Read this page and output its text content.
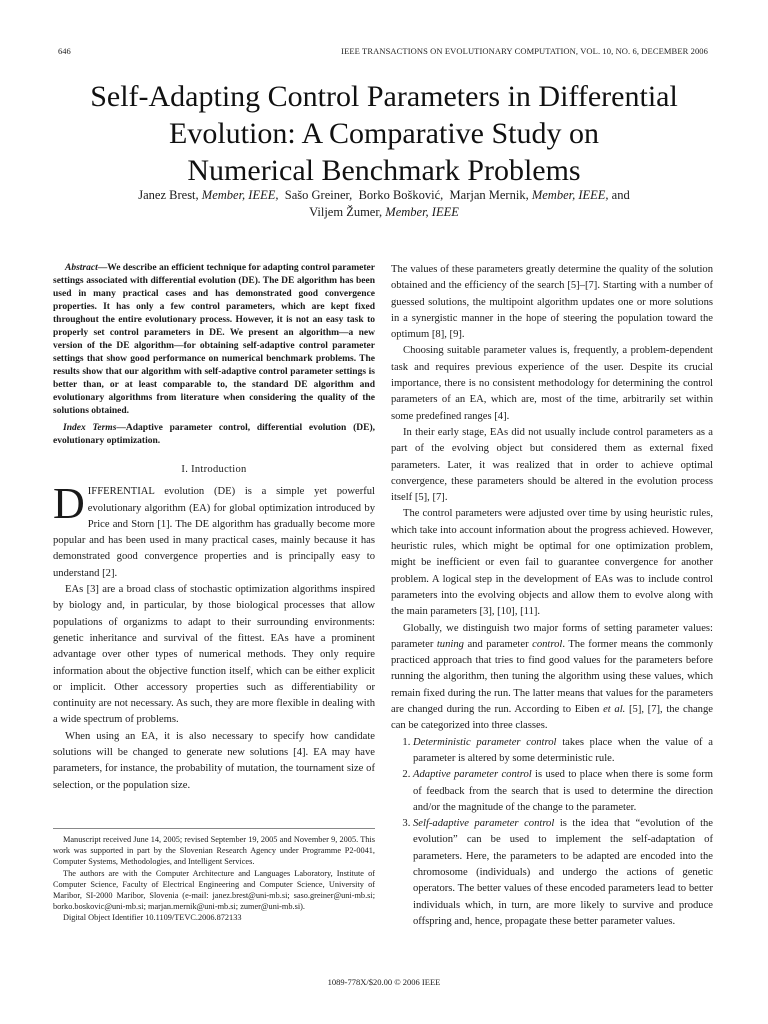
646	IEEE TRANSACTIONS ON EVOLUTIONARY COMPUTATION, VOL. 10, NO. 6, DECEMBER 2006
Self-Adapting Control Parameters in Differential
Evolution: A Comparative Study on
Numerical Benchmark Problems
Janez Brest, Member, IEEE, Sašo Greiner, Borko Bošković, Marjan Mernik, Member, IEEE, and
Viljem Žumer, Member, IEEE

Abstract—We describe an efficient technique for adapting control parameter settings associated with differential evolution (DE). The DE algorithm has been used in many practical cases and has demonstrated good convergence properties. It has only a few control parameters, which are kept fixed throughout the entire evolutionary process. However, it is not an easy task to properly set control parameters in DE. We present an algorithm—a new version of the DE algorithm—for obtaining self-adaptive control parameter settings that show good performance on numerical benchmark problems. The results show that our algorithm with self-adaptive control parameter settings is better than, or at least comparable to, the standard DE algorithm and evolutionary algorithms from literature when considering the quality of the solutions obtained.

Index Terms—Adaptive parameter control, differential evolution (DE), evolutionary optimization.

I. Introduction

DIFFERENTIAL evolution (DE) is a simple yet powerful evolutionary algorithm (EA) for global optimization introduced by Price and Storn [1]. The DE algorithm has gradually become more popular and has been used in many practical cases, mainly because it has demonstrated good convergence properties and is principally easy to understand [2].

EAs [3] are a broad class of stochastic optimization algorithms inspired by biology and, in particular, by those biological processes that allow populations of organizms to adapt to their surrounding environments: genetic inheritance and survival of the fittest. EAs have a prominent advantage over other types of numerical methods. They only require information about the objective function itself, which can be either explicit or implicit. Other accessory properties such as differentiability or continuity are not necessary. As such, they are more flexible in dealing with a wide spectrum of problems.

When using an EA, it is also necessary to specify how candidate solutions will be changed to generate new solutions [4]. EA may have parameters, for instance, the probability of mutation, the tournament size of selection, or the population size.

Manuscript received June 14, 2005; revised September 19, 2005 and November 9, 2005. This work was supported in part by the Slovenian Research Agency under Programme P2-0041, Computer Systems, Methodologies, and Intelligent Services.

The authors are with the Computer Architecture and Languages Laboratory, Institute of Computer Science, Faculty of Electrical Engineering and Computer Science, University of Maribor, SI-2000 Maribor, Slovenia (e-mail: janez.brest@uni-mb.si; saso.greiner@uni-mb.si; borko.boskovic@uni-mb.si; marjan.mernik@uni-mb.si; zumer@uni-mb.si).

Digital Object Identifier 10.1109/TEVC.2006.872133

The values of these parameters greatly determine the quality of the solution obtained and the efficiency of the search [5]–[7]. Starting with a number of guessed solutions, the multipoint algorithm updates one or more solutions in a synergistic manner in the hope of steering the population toward the optimum [8], [9].

Choosing suitable parameter values is, frequently, a problem-dependent task and requires previous experience of the user. Despite its crucial importance, there is no consistent methodology for determining the control parameters of an EA, which are, most of the time, arbitrarily set within some predefined ranges [4].

In their early stage, EAs did not usually include control parameters as a part of the evolving object but considered them as external fixed parameters. Later, it was realized that in order to achieve optimal convergence, these parameters should be altered in the evolution process itself [5], [7].

The control parameters were adjusted over time by using heuristic rules, which take into account information about the progress achieved. However, heuristic rules, which might be optimal for one optimization problem, might be inefficient or even fail to guarantee convergence for another problem. A logical step in the development of EAs was to include control parameters into the evolving objects and allow them to evolve along with the main parameters [3], [10], [11].

Globally, we distinguish two major forms of setting parameter values: parameter tuning and parameter control. The former means the commonly practiced approach that tries to find good values for the parameters before running the algorithm, then tuning the algorithm using these values, which remain fixed during the run. The latter means that values for the parameters are changed during the run. According to Eiben et al. [5], [7], the change can be categorized into three classes.

1. Deterministic parameter control takes place when the value of a parameter is altered by some deterministic rule.
2. Adaptive parameter control is used to place when there is some form of feedback from the search that is used to determine the direction and/or the magnitude of the change to the parameter.
3. Self-adaptive parameter control is the idea that “evolution of the evolution” can be used to implement the self-adaptation of parameters. Here, the parameters to be adapted are encoded into the chromosome (individuals) and undergo the actions of genetic operators. The better values of these encoded parameters lead to better individuals which, in turn, are more likely to survive and produce offspring and, hence, propagate these better parameter values.
1089-778X/$20.00 © 2006 IEEE
